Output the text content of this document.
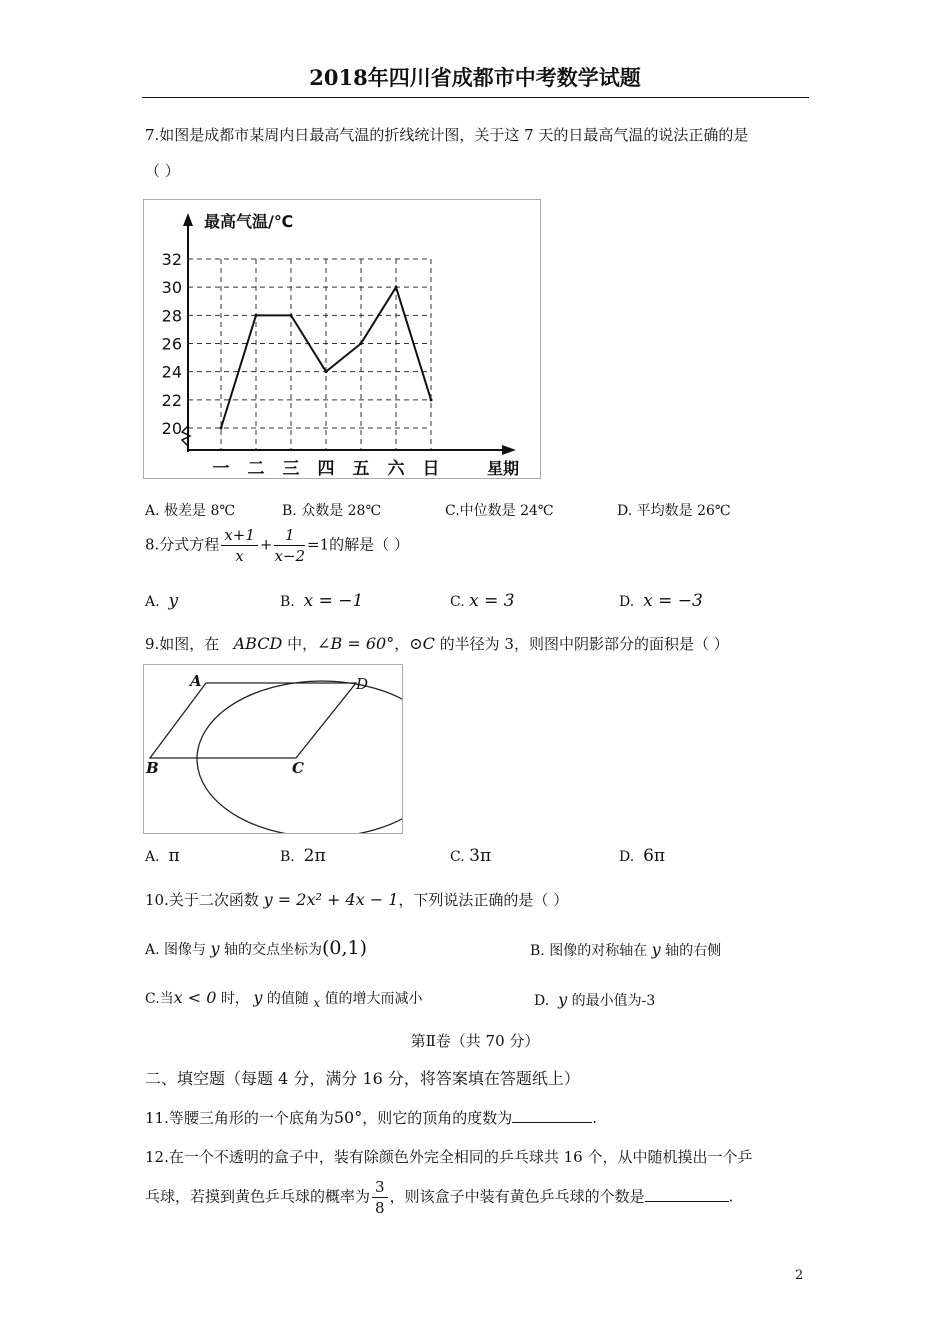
2018年四川省成都市中考数学试题
7.如图是成都市某周内日最高气温的折线统计图，关于这 7 天的日最高气温的说法正确的是
（ ）
最高气温/℃
星期
20
22
24
26
28
30
32
一 二 三 四 五 六 日
A. 极差是 8℃	B. 众数是 28℃	C.中位数是 24℃	D. 平均数是 26℃
8.分式方程 $\frac{x+1}{x} + \frac{1}{x-2} =1$的解是（ ）
A. y	B. x = −1	C. x = 3	D. x = −3
9.如图，在 ABCD 中，∠B = 60°，⊙C 的半径为 3，则图中阴影部分的面积是（ ）
A
B	C
D
A. π	B. 2π	C. 3π	D. 6π
10.关于二次函数 y = 2x² + 4x − 1，下列说法正确的是（ ）
A. 图像与 y 轴的交点坐标为(0,1)	B. 图像的对称轴在 y 轴的右侧
C.当x < 0 时， y 的值随 x 值的增大而减小	D.  y 的最小值为-3
第Ⅱ卷（共 70 分）
二、填空题（每题 4 分，满分 16 分，将答案填在答题纸上）
11.等腰三角形的一个底角为50°，则它的顶角的度数为	.
12.在一个不透明的盒子中，装有除颜色外完全相同的乒乓球共 16 个，从中随机摸出一个乒
乓球，若摸到黄色乒乓球的概率为 $\frac{3}{8}$ ，则该盒子中装有黄色乒乓球的个数是	.
2
